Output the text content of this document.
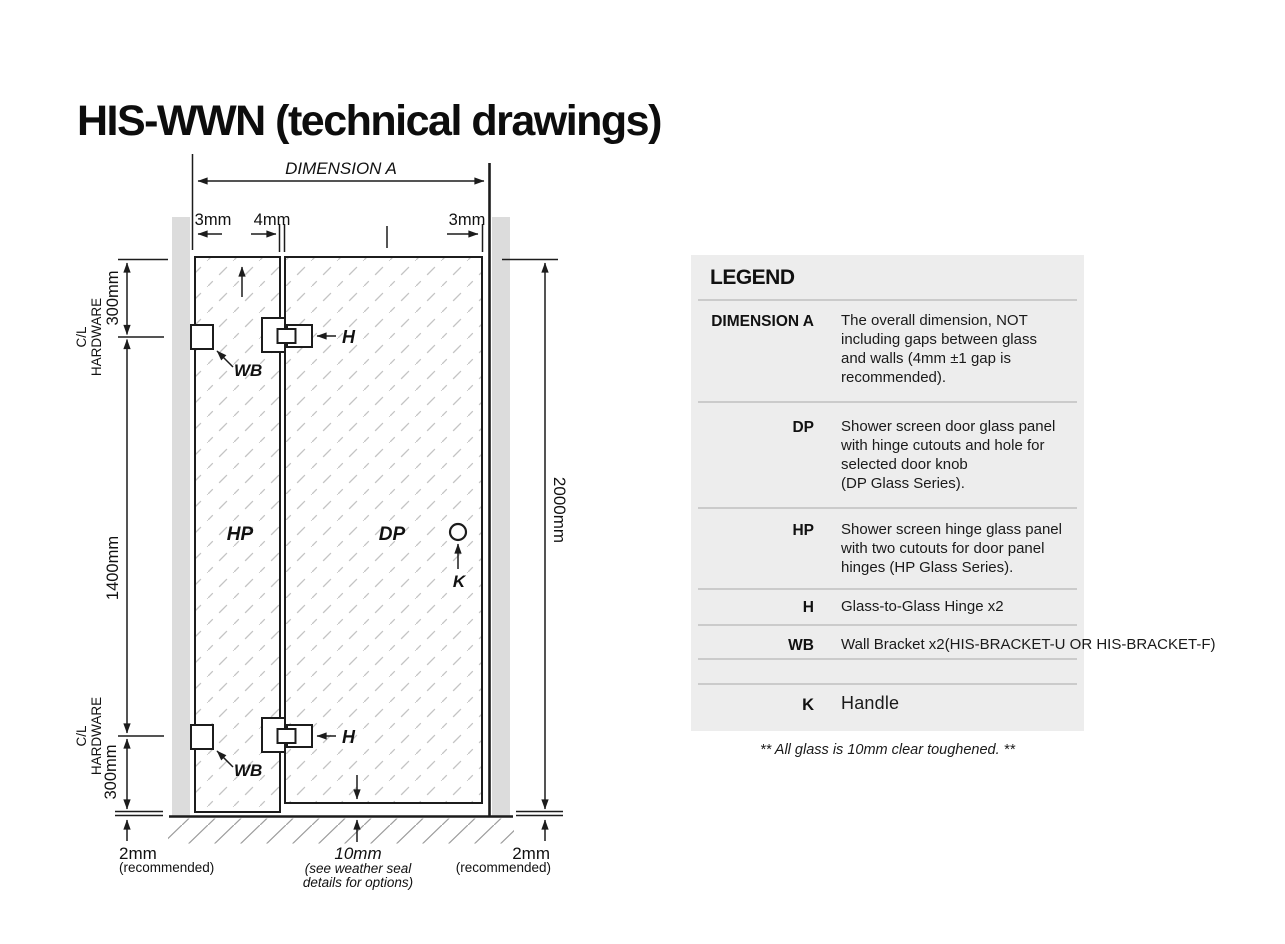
HIS-WWN (technical drawings)
HP	DP
DIMENSION A
3mm 4mm	3mm
300mm
1400mm
300mm
C/L HARDWARE
C/L HARDWARE
2mm
(recommended)
2000mm
2mm
(recommended)
10mm
(see weather seal
details for options)
WB
WB
H
H
K
LEGEND
DIMENSION A The overall dimension, NOT
including gaps between glass
and walls (4mm ±1 gap is
recommended).
DP Shower screen door glass panel
with hinge cutouts and hole for
selected door knob
(DP Glass Series).
HP Shower screen hinge glass panel
with two cutouts for door panel
hinges (HP Glass Series).
H Glass-to-Glass Hinge x2
WB Wall Bracket x2(HIS-BRACKET-U OR HIS-BRACKET-F)
K Handle
** All glass is 10mm clear toughened. **
